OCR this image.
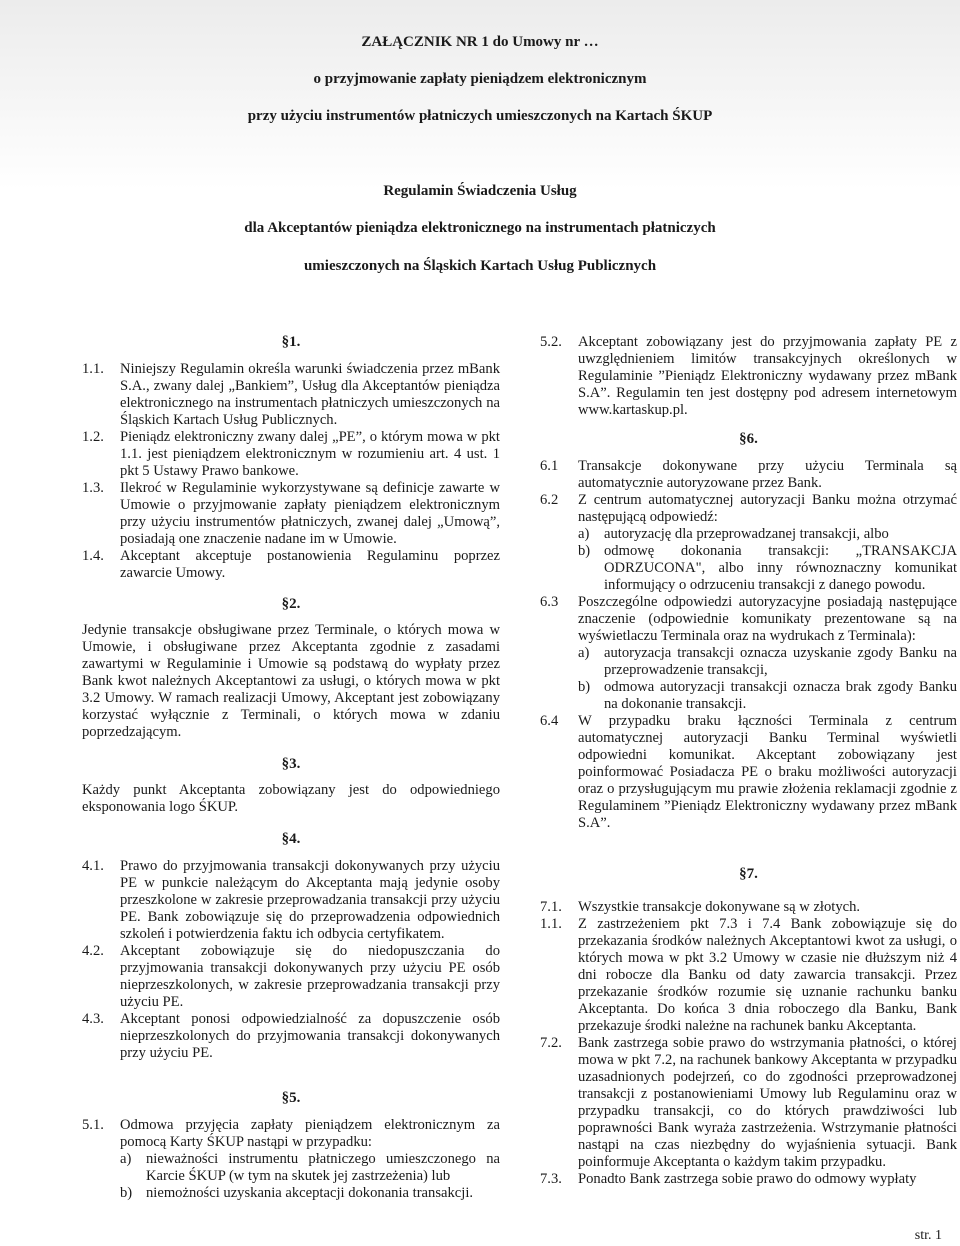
ZAŁĄCZNIK NR 1 do Umowy nr …
o przyjmowanie zapłaty pieniądzem elektronicznym
przy użyciu instrumentów płatniczych umieszczonych na Kartach ŚKUP
Regulamin Świadczenia Usług
dla Akceptantów pieniądza elektronicznego na instrumentach płatniczych
umieszczonych na Śląskich Kartach Usług Publicznych
§1.
1.1.	Niniejszy Regulamin określa warunki świadczenia przez mBank S.A., zwany dalej „Bankiem”, Usług dla Akceptantów pieniądza elektronicznego na instrumentach płatniczych umieszczonych na Śląskich Kartach Usług Publicznych.
1.2.	Pieniądz elektroniczny zwany dalej „PE”, o którym mowa w pkt 1.1. jest pieniądzem elektronicznym w rozumieniu art. 4 ust. 1 pkt 5 Ustawy Prawo bankowe.
1.3.	Ilekroć w Regulaminie wykorzystywane są definicje zawarte w Umowie o przyjmowanie zapłaty pieniądzem elektronicznym przy użyciu instrumentów płatniczych, zwanej dalej „Umową”, posiadają one znaczenie nadane im w Umowie.
1.4.	Akceptant akceptuje postanowienia Regulaminu poprzez zawarcie Umowy.
§2.

Jedynie transakcje obsługiwane przez Terminale, o których mowa w Umowie, i obsługiwane przez Akceptanta zgodnie z zasadami zawartymi w Regulaminie i Umowie są podstawą do wypłaty przez Bank kwot należnych Akceptantowi za usługi, o których mowa w pkt 3.2 Umowy. W ramach realizacji Umowy, Akceptant jest zobowiązany korzystać wyłącznie z Terminali, o których mowa w zdaniu poprzedzającym.

§3.

Każdy punkt Akceptanta zobowiązany jest do odpowiedniego eksponowania logo ŚKUP.

§4.
4.1.	Prawo do przyjmowania transakcji dokonywanych przy użyciu PE w punkcie należącym do Akceptanta mają jedynie osoby przeszkolone w zakresie przeprowadzania transakcji przy użyciu PE. Bank zobowiązuje się do przeprowadzenia odpowiednich szkoleń i potwierdzenia faktu ich odbycia certyfikatem.
4.2.	Akceptant zobowiązuje się do niedopuszczania do przyjmowania transakcji dokonywanych przy użyciu PE osób nieprzeszkolonych, w zakresie przeprowadzania transakcji przy użyciu PE.
4.3.	Akceptant ponosi odpowiedzialność za dopuszczenie osób nieprzeszkolonych do przyjmowania transakcji dokonywanych przy użyciu PE.
§5.
5.1.	Odmowa przyjęcia zapłaty pieniądzem elektronicznym za pomocą Karty ŚKUP nastąpi w przypadku:
a)	nieważności instrumentu płatniczego umieszczonego na Karcie ŚKUP (w tym na skutek jej zastrzeżenia) lub
b) niemożności uzyskania akceptacji dokonania transakcji.
5.2.	Akceptant zobowiązany jest do przyjmowania zapłaty PE z uwzględnieniem limitów transakcyjnych określonych w Regulaminie ”Pieniądz Elektroniczny wydawany przez mBank S.A”. Regulamin ten jest dostępny pod adresem internetowym www.kartaskup.pl.
§6.
6.1	Transakcje dokonywane przy użyciu Terminala są automatycznie autoryzowane przez Bank.
6.2	Z centrum automatycznej autoryzacji Banku można otrzymać następującą odpowiedź:
a)	autoryzację dla przeprowadzanej transakcji, albo
b) odmowę dokonania transakcji: „TRANSAKCJA ODRZUCONA", albo inny równoznaczny komunikat informujący o odrzuceniu transakcji z danego powodu.
6.3	Poszczególne odpowiedzi autoryzacyjne posiadają następujące znaczenie (odpowiednie komunikaty prezentowane są na wyświetlaczu Terminala oraz na wydrukach z Terminala):
a)	autoryzacja transakcji oznacza uzyskanie zgody Banku na przeprowadzenie transakcji,
b) odmowa autoryzacji transakcji oznacza brak zgody Banku na dokonanie transakcji.
6.4	W przypadku braku łączności Terminala z centrum automatycznej autoryzacji Banku Terminal wyświetli odpowiedni komunikat. Akceptant zobowiązany jest poinformować Posiadacza PE o braku możliwości autoryzacji oraz o przysługującym mu prawie złożenia reklamacji zgodnie z Regulaminem ”Pieniądz Elektroniczny wydawany przez mBank S.A”.
§7.
7.1.	Wszystkie transakcje dokonywane są w złotych.
1.1.	Z zastrzeżeniem pkt 7.3 i 7.4 Bank zobowiązuje się do przekazania środków należnych Akceptantowi kwot za usługi, o których mowa w pkt 3.2 Umowy w czasie nie dłuższym niż 4 dni robocze dla Banku od daty zawarcia transakcji. Przez przekazanie środków rozumie się uznanie rachunku banku Akceptanta. Do końca 3 dnia roboczego dla Banku, Bank przekazuje środki należne na rachunek banku Akceptanta.
7.2.	Bank zastrzega sobie prawo do wstrzymania płatności, o której mowa w pkt 7.2, na rachunek bankowy Akceptanta w przypadku uzasadnionych podejrzeń, co do zgodności przeprowadzonej transakcji z postanowieniami Umowy lub Regulaminu oraz w przypadku transakcji, co do których prawdziwości lub poprawności Bank wyraża zastrzeżenia. Wstrzymanie płatności nastąpi na czas niezbędny do wyjaśnienia sytuacji. Bank poinformuje Akceptanta o każdym takim przypadku.
7.3.	Ponadto Bank zastrzega sobie prawo do odmowy wypłaty
str. 1
